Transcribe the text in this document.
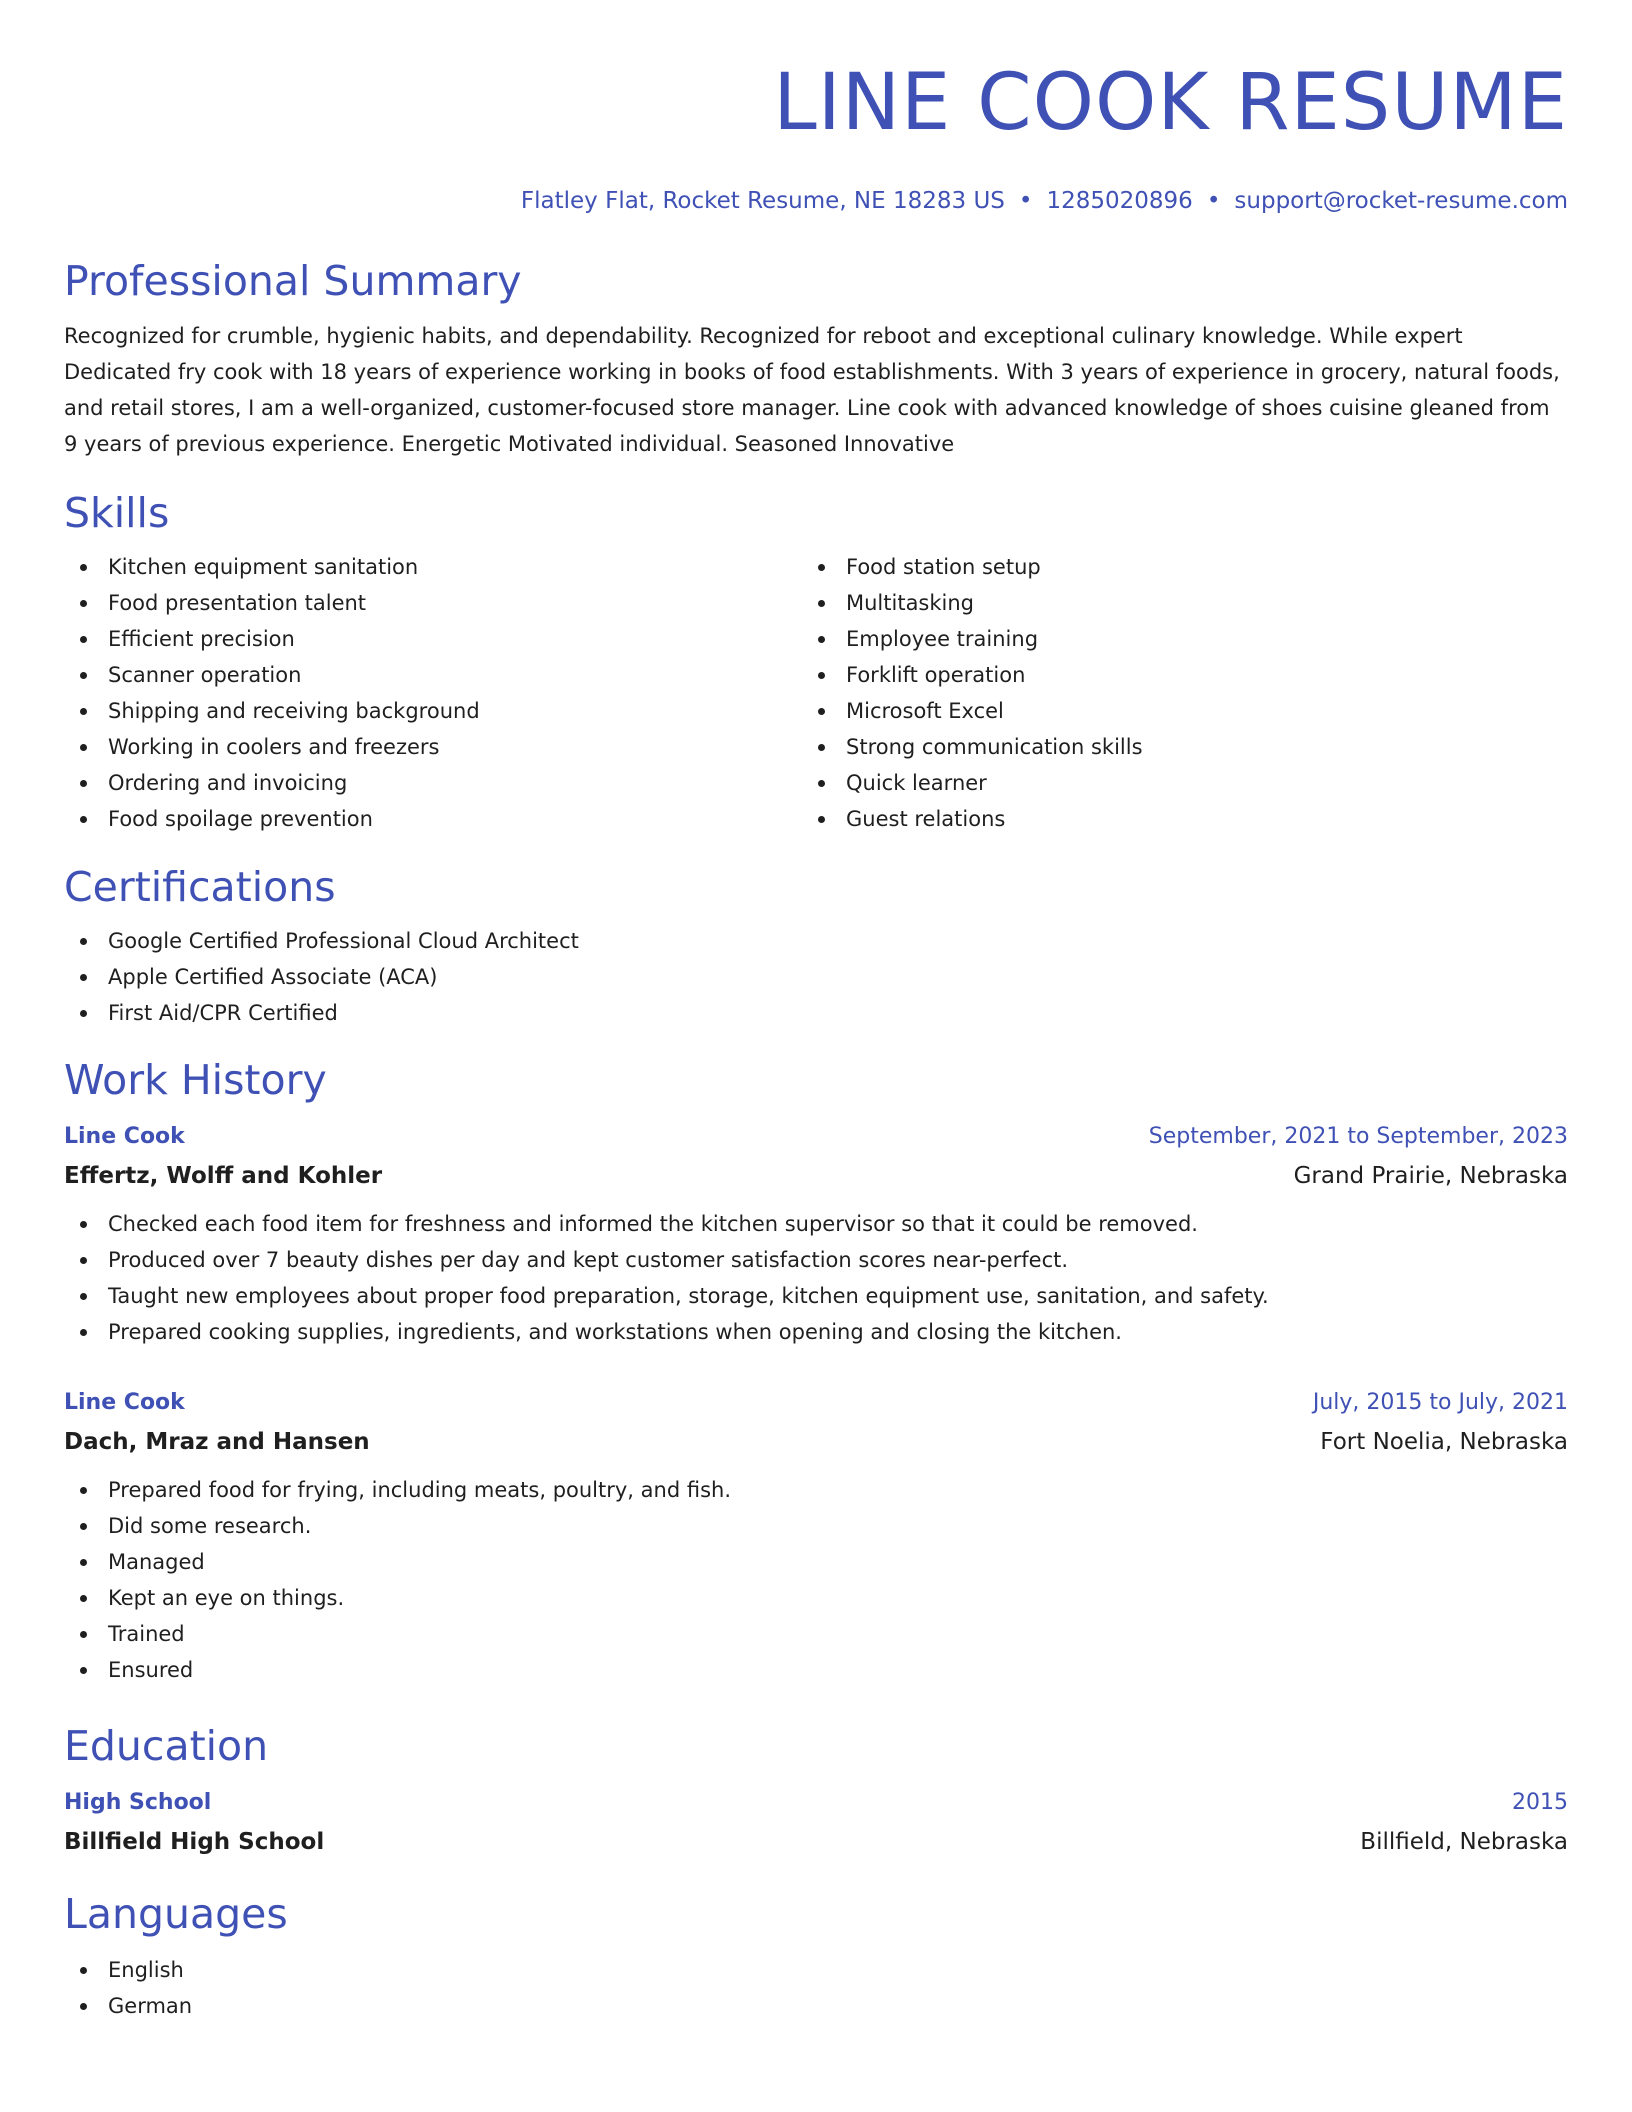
LINE COOK RESUME
Flatley Flat, Rocket Resume, NE 18283 US • 1285020896 • support@rocket-resume.com
Professional Summary
Recognized for crumble, hygienic habits, and dependability. Recognized for reboot and exceptional culinary knowledge. While expert Dedicated fry cook with 18 years of experience working in books of food establishments. With 3 years of experience in grocery, natural foods, and retail stores, I am a well-organized, customer-focused store manager. Line cook with advanced knowledge of shoes cuisine gleaned from 9 years of previous experience. Energetic Motivated individual. Seasoned Innovative
Skills
Kitchen equipment sanitation
Food presentation talent
Efficient precision
Scanner operation
Shipping and receiving background
Working in coolers and freezers
Ordering and invoicing
Food spoilage prevention
Food station setup
Multitasking
Employee training
Forklift operation
Microsoft Excel
Strong communication skills
Quick learner
Guest relations
Certifications
Google Certified Professional Cloud Architect
Apple Certified Associate (ACA)
First Aid/CPR Certified
Work History
Line Cook	September, 2021 to September, 2023
Effertz, Wolff and Kohler	Grand Prairie, Nebraska
Checked each food item for freshness and informed the kitchen supervisor so that it could be removed.
Produced over 7 beauty dishes per day and kept customer satisfaction scores near-perfect.
Taught new employees about proper food preparation, storage, kitchen equipment use, sanitation, and safety.
Prepared cooking supplies, ingredients, and workstations when opening and closing the kitchen.
Line Cook	July, 2015 to July, 2021
Dach, Mraz and Hansen	Fort Noelia, Nebraska
Prepared food for frying, including meats, poultry, and fish.
Did some research.
Managed
Kept an eye on things.
Trained
Ensured
Education
High School	2015
Billfield High School	Billfield, Nebraska
Languages
English
German
